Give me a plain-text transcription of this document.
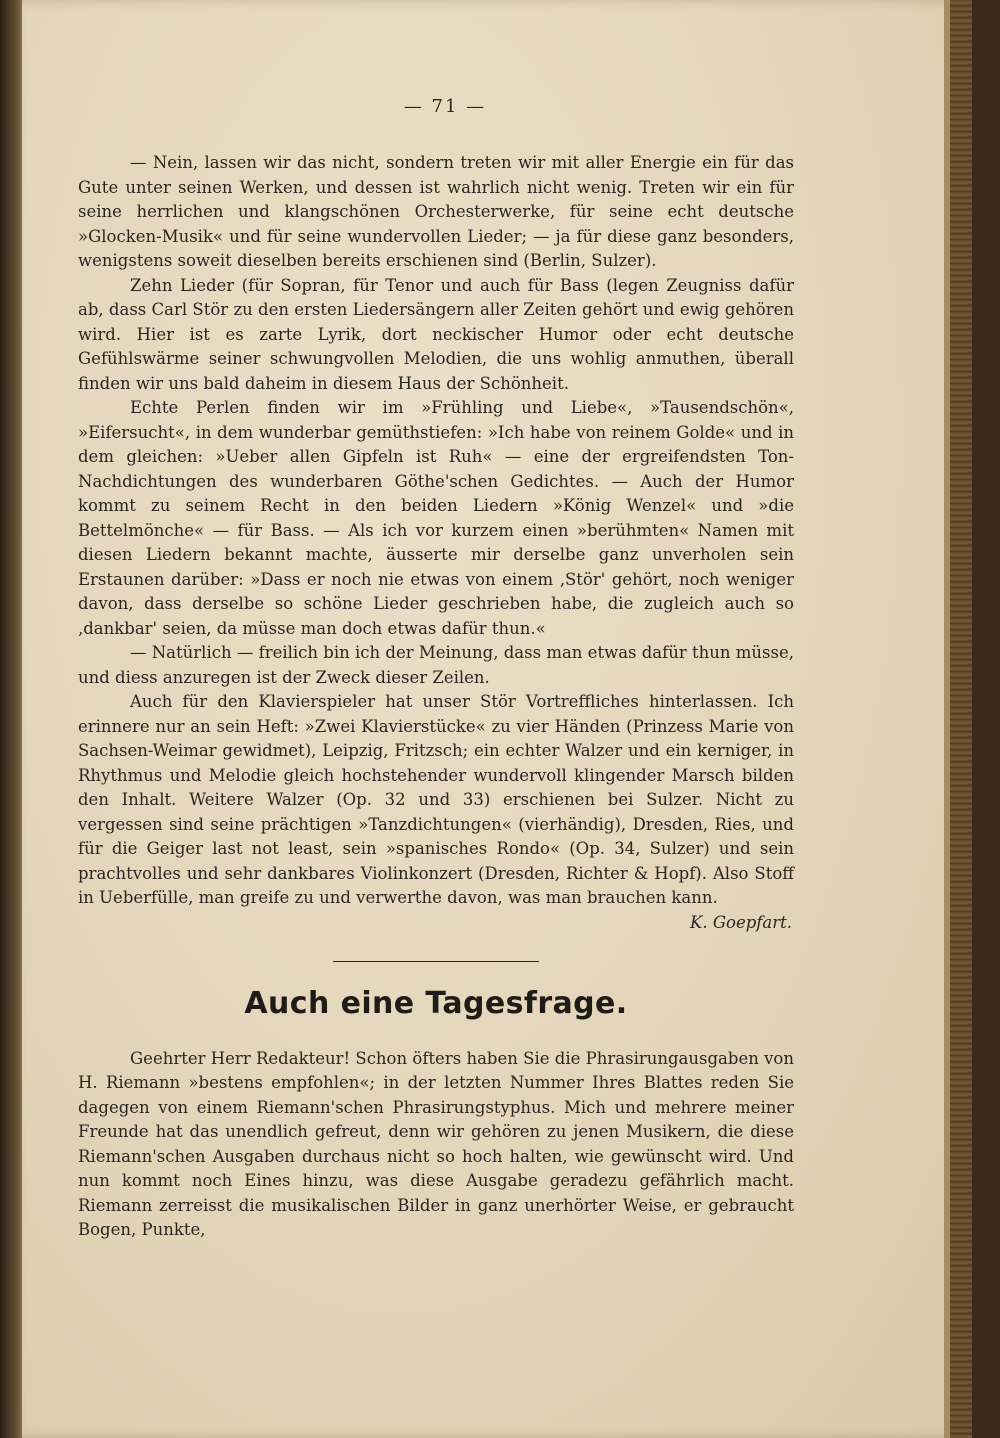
— 71 —

— Nein, lassen wir das nicht, sondern treten wir mit aller Energie ein für das Gute unter seinen Werken, und dessen ist wahrlich nicht wenig. Treten wir ein für seine herrlichen und klangschönen Orchesterwerke, für seine echt deutsche »Glocken-Musik« und für seine wundervollen Lieder; — ja für diese ganz besonders, wenigstens soweit dieselben bereits erschienen sind (Berlin, Sulzer).

Zehn Lieder (für Sopran, für Tenor und auch für Bass (legen Zeugniss dafür ab, dass Carl Stör zu den ersten Liedersängern aller Zeiten gehört und ewig gehören wird. Hier ist es zarte Lyrik, dort neckischer Humor oder echt deutsche Gefühlswärme seiner schwungvollen Melodien, die uns wohlig anmuthen, überall finden wir uns bald daheim in diesem Haus der Schönheit.

Echte Perlen finden wir im »Frühling und Liebe«, »Tausendschön«, »Eifersucht«, in dem wunderbar gemüthstiefen: »Ich habe von reinem Golde« und in dem gleichen: »Ueber allen Gipfeln ist Ruh« — eine der ergreifendsten Ton-Nachdichtungen des wunderbaren Göthe'schen Gedichtes. — Auch der Humor kommt zu seinem Recht in den beiden Liedern »König Wenzel« und »die Bettelmönche« — für Bass. — Als ich vor kurzem einen »berühmten« Namen mit diesen Liedern bekannt machte, äusserte mir derselbe ganz unverholen sein Erstaunen darüber: »Dass er noch nie etwas von einem ‚Stör' gehört, noch weniger davon, dass derselbe so schöne Lieder geschrieben habe, die zugleich auch so ‚dankbar' seien, da müsse man doch etwas dafür thun.«

— Natürlich — freilich bin ich der Meinung, dass man etwas dafür thun müsse, und diess anzuregen ist der Zweck dieser Zeilen.

Auch für den Klavierspieler hat unser Stör Vortreffliches hinterlassen. Ich erinnere nur an sein Heft: »Zwei Klavierstücke« zu vier Händen (Prinzess Marie von Sachsen-Weimar gewidmet), Leipzig, Fritzsch; ein echter Walzer und ein kerniger, in Rhythmus und Melodie gleich hochstehender wundervoll klingender Marsch bilden den Inhalt. Weitere Walzer (Op. 32 und 33) erschienen bei Sulzer. Nicht zu vergessen sind seine prächtigen »Tanzdichtungen« (vierhändig), Dresden, Ries, und für die Geiger last not least, sein »spanisches Rondo« (Op. 34, Sulzer) und sein prachtvolles und sehr dankbares Violinkonzert (Dresden, Richter & Hopf). Also Stoff in Ueberfülle, man greife zu und verwerthe davon, was man brauchen kann.

K. Goepfart.

Auch eine Tagesfrage.

Geehrter Herr Redakteur! Schon öfters haben Sie die Phrasirungausgaben von H. Riemann »bestens empfohlen«; in der letzten Nummer Ihres Blattes reden Sie dagegen von einem Riemann'schen Phrasirungstyphus. Mich und mehrere meiner Freunde hat das unendlich gefreut, denn wir gehören zu jenen Musikern, die diese Riemann'schen Ausgaben durchaus nicht so hoch halten, wie gewünscht wird. Und nun kommt noch Eines hinzu, was diese Ausgabe geradezu gefährlich macht. Riemann zerreisst die musikalischen Bilder in ganz unerhörter Weise, er gebraucht Bogen, Punkte,
